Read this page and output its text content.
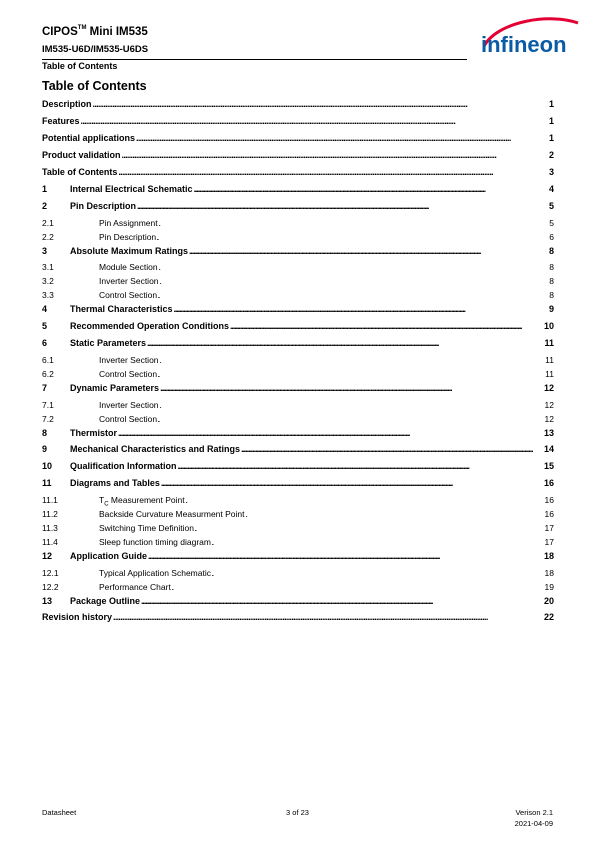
CIPOS™ Mini IM535
IM535-U6D/IM535-U6DS
Table of Contents
infineon
Table of Contents
Description . . .	1
Features . . .	1
Potential applications . . .	1
Product validation . . .	2
Table of Contents . . .	3
1	Internal Electrical Schematic . . .	4
2	Pin Description . . .	5
2.1	Pin Assignment . . .	5
2.2	Pin Description . . .	6
3	Absolute Maximum Ratings . . .	8
3.1	Module Section . . .	8
3.2	Inverter Section . . .	8
3.3	Control Section . . .	8
4	Thermal Characteristics . . .	9
5	Recommended Operation Conditions . . .	10
6	Static Parameters . . .	11
6.1	Inverter Section . . .	11
6.2	Control Section . . .	11
7	Dynamic Parameters . . .	12
7.1	Inverter Section . . .	12
7.2	Control Section . . .	12
8	Thermistor . . .	13
9	Mechanical Characteristics and Ratings . . .	14
10	Qualification Information . . .	15
11	Diagrams and Tables . . .	16
11.1	$T_C$ Measurement Point . . .	16
11.2	Backside Curvature Measurment Point . . .	16
11.3	Switching Time Definition . . .	17
11.4	Sleep function timing diagram . . .	17
12	Application Guide . . .	18
12.1	Typical Application Schematic . . .	18
12.2	Performance Chart . . .	19
13	Package Outline . . .	20
Revision history . . .	22
Datasheet	3 of 23	Verison 2.1
2021-04-09
